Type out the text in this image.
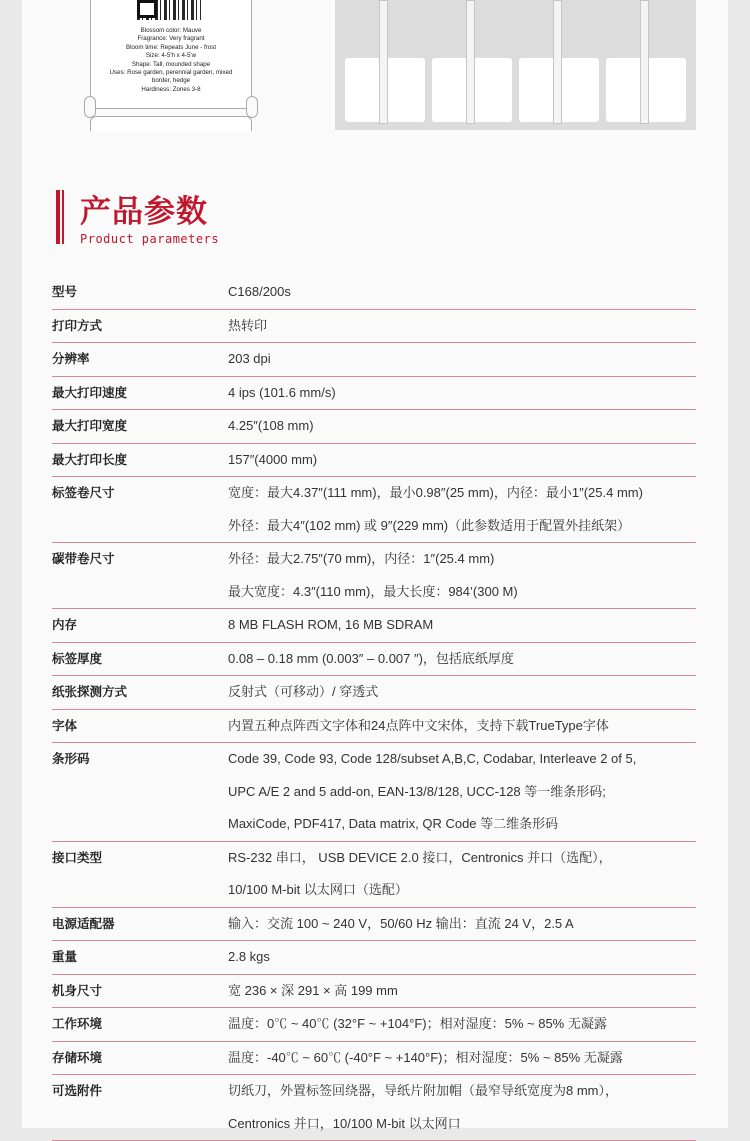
Blossom color: Mauve
Fragrance: Very fragrant
Bloom time: Repeats June - frost
Size: 4-5'h x 4-5'w
Shape: Tall, mounded shape
Uses: Rose garden, perennial garden, mixed
border, hedge
Hardiness: Zones 3-8
产品参数
Product parameters
型号	C168/200s
打印方式	热转印
分辨率	203 dpi
最大打印速度	4 ips (101.6 mm/s)
最大打印宽度	4.25″(108 mm)
最大打印长度	157″(4000 mm)
标签卷尺寸	宽度：最大4.37″(111 mm)，最小0.98″(25 mm)，内径：最小1″(25.4 mm)
外径：最大4″(102 mm) 或 9″(229 mm)（此参数适用于配置外挂纸架）
碳带卷尺寸	外径：最大2.75″(70 mm)，内径：1″(25.4 mm)
最大宽度：4.3″(110 mm)，最大长度：984’(300 M)
内存	8 MB FLASH ROM, 16 MB SDRAM
标签厚度	0.08 – 0.18 mm (0.003″ – 0.007 ″)，包括底纸厚度
纸张探测方式	反射式（可移动）/ 穿透式
字体	内置五种点阵西文字体和24点阵中文宋体，支持下载TrueType字体
条形码	Code 39, Code 93, Code 128/subset A,B,C, Codabar, Interleave 2 of 5,
UPC A/E 2 and 5 add-on, EAN-13/8/128, UCC-128 等一维条形码;
MaxiCode, PDF417, Data matrix, QR Code 等二维条形码
接口类型	RS-232 串口， USB DEVICE 2.0 接口，Centronics 并口（选配），
10/100 M-bit 以太网口（选配）
电源适配器	输入：交流 100 ~ 240 V，50/60 Hz 输出：直流 24 V，2.5 A
重量	2.8 kgs
机身尺寸	宽 236 × 深 291 × 高 199 mm
工作环境	温度：0℃ ~ 40℃ (32°F ~ +104°F)；相对湿度：5% ~ 85% 无凝露
存储环境	温度：-40℃ ~ 60℃ (-40°F ~ +140°F)；相对湿度：5% ~ 85% 无凝露
可选附件	切纸刀，外置标签回绕器，导纸片附加帽（最窄导纸宽度为8 mm），
Centronics 并口，10/100 M-bit 以太网口
